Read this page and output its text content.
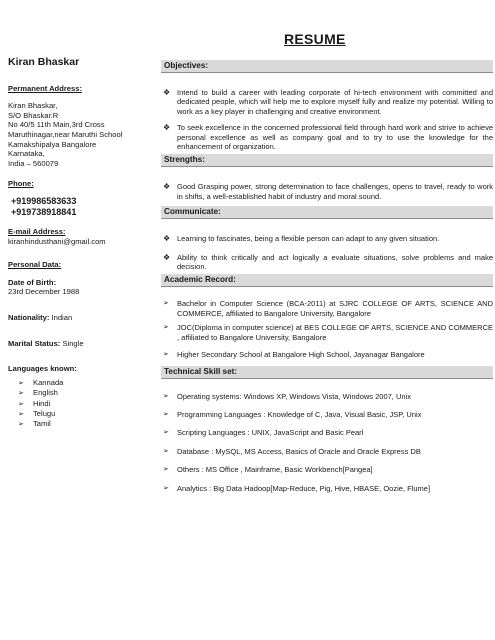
RESUME
Kiran Bhaskar
Permanent Address:
Kiran Bhaskar,
S/O Bhaskar.R
No 40/5 11th Main,3rd Cross
Maruthinagar,near Maruthi School
Kamakshipalya Bangalore
Karnataka,
India – 560079
Phone:
+919986583633
+919738918841
E-mail Address:
kiranhindusthani@gmail.com
Personal Data:
Date of Birth:
23rd December 1988
Nationality: Indian
Marital Status: Single
Languages known:
➢ Kannada
➢ English
➢ Hindi
➢ Telugu
➢ Tamil
Objectives:
❖ Intend to build a career with leading corporate of hi-tech environment with committed and dedicated people, which will help me to explore myself fully and realize my potential. Willing to work as a key player in challenging and creative environment.
❖ To seek excellence in the concerned professional field through hard work and strive to achieve personal excellence as well as company goal and to try to use the knowledge for the enhancement of organization.
Strengths:
❖ Good Grasping power, strong determination to face challenges, opens to travel, ready to work in shifts, a well-established habit of industry and moral sound.
Communicate:
❖ Learning to fascinates, being a flexible person can adapt to any given situation.
❖ Ability to think critically and act logically a evaluate situations, solve problems and make decision.
Academic Record:
➢ Bachelor in Computer Science (BCA-2011) at SJRC COLLEGE OF ARTS, SCIENCE AND COMMERCE, affiliated to Bangalore University, Bangalore
➢ JOC(Diploma in computer science) at BES COLLEGE OF ARTS, SCIENCE AND COMMERCE , affiliated to Bangalore University, Bangalore
➢ Higher Secondary School at Bangalore High School, Jayanagar Bangalore
Technical Skill set:
➢ Operating systems: Windows XP, Windows Vista, Windows 2007, Unix
➢ Programming Languages : Knowledge of C, Java, Visual Basic, JSP, Unix
➢ Scripting Languages : UNIX, JavaScript and Basic Pearl
➢ Database : MySQL, MS Access, Basics of Oracle and Oracle Express DB
➢ Others : MS Office , Mainframe, Basic Workbench[Pangea]
➢ Analytics : Big Data Hadoop[Map-Reduce, Pig, Hive, HBASE, Oozie, Flume]
